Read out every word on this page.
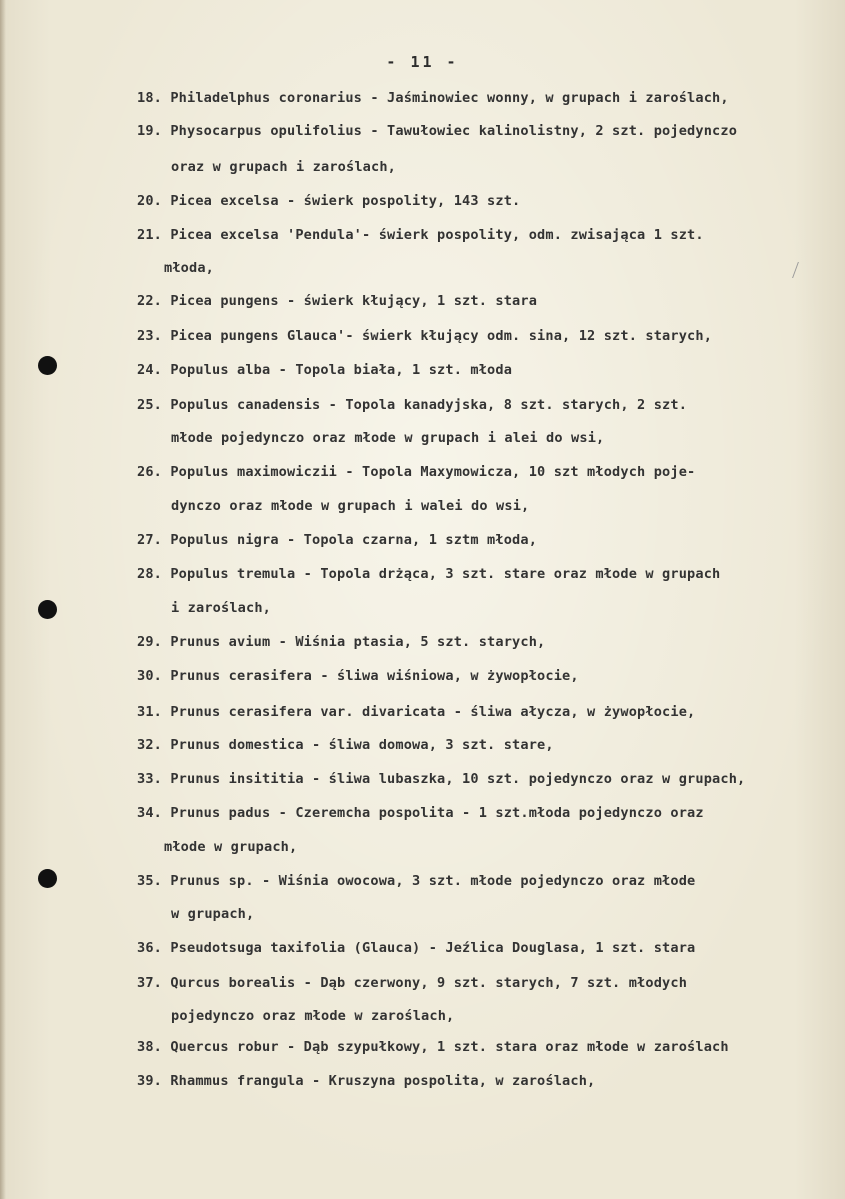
- 11 -
18. Philadelphus coronarius - Jaśminowiec wonny, w grupach i zaroślach,
19. Physocarpus opulifolius - Tawułowiec kalinolistny, 2 szt. pojedynczo
oraz w grupach i zaroślach,
20. Picea excelsa - świerk pospolity, 143 szt.
21. Picea excelsa 'Pendula'- świerk pospolity, odm. zwisająca 1 szt.
młoda,
22. Picea pungens - świerk kłujący, 1 szt. stara
23. Picea pungens Glauca'- świerk kłujący odm. sina, 12 szt. starych,
24. Populus alba - Topola biała, 1 szt. młoda
25. Populus canadensis - Topola kanadyjska, 8 szt. starych, 2 szt.
młode pojedynczo oraz młode w grupach i alei do wsi,
26. Populus maximowiczii - Topola Maxymowicza, 10 szt młodych poje-
dynczo oraz młode w grupach i walei do wsi,
27. Populus nigra - Topola czarna, 1 sztm młoda,
28. Populus tremula - Topola drżąca, 3 szt. stare oraz młode w grupach
i zaroślach,
29. Prunus avium - Wiśnia ptasia, 5 szt. starych,
30. Prunus cerasifera - śliwa wiśniowa, w żywopłocie,
31. Prunus cerasifera var. divaricata - śliwa ałycza, w żywopłocie,
32. Prunus domestica - śliwa domowa, 3 szt. stare,
33. Prunus insititia - śliwa lubaszka, 10 szt. pojedynczo oraz w grupach,
34. Prunus padus - Czeremcha pospolita - 1 szt.młoda pojedynczo oraz
młode w grupach,
35. Prunus sp. - Wiśnia owocowa, 3 szt. młode pojedynczo oraz młode
w grupach,
36. Pseudotsuga taxifolia (Glauca) - Jeźlica Douglasa, 1 szt. stara
37. Qurcus borealis - Dąb czerwony, 9 szt. starych, 7 szt. młodych
pojedynczo oraz młode w zaroślach,
38. Quercus robur - Dąb szypułkowy, 1 szt. stara oraz młode w zaroślach
39. Rhammus frangula - Kruszyna pospolita, w zaroślach,
